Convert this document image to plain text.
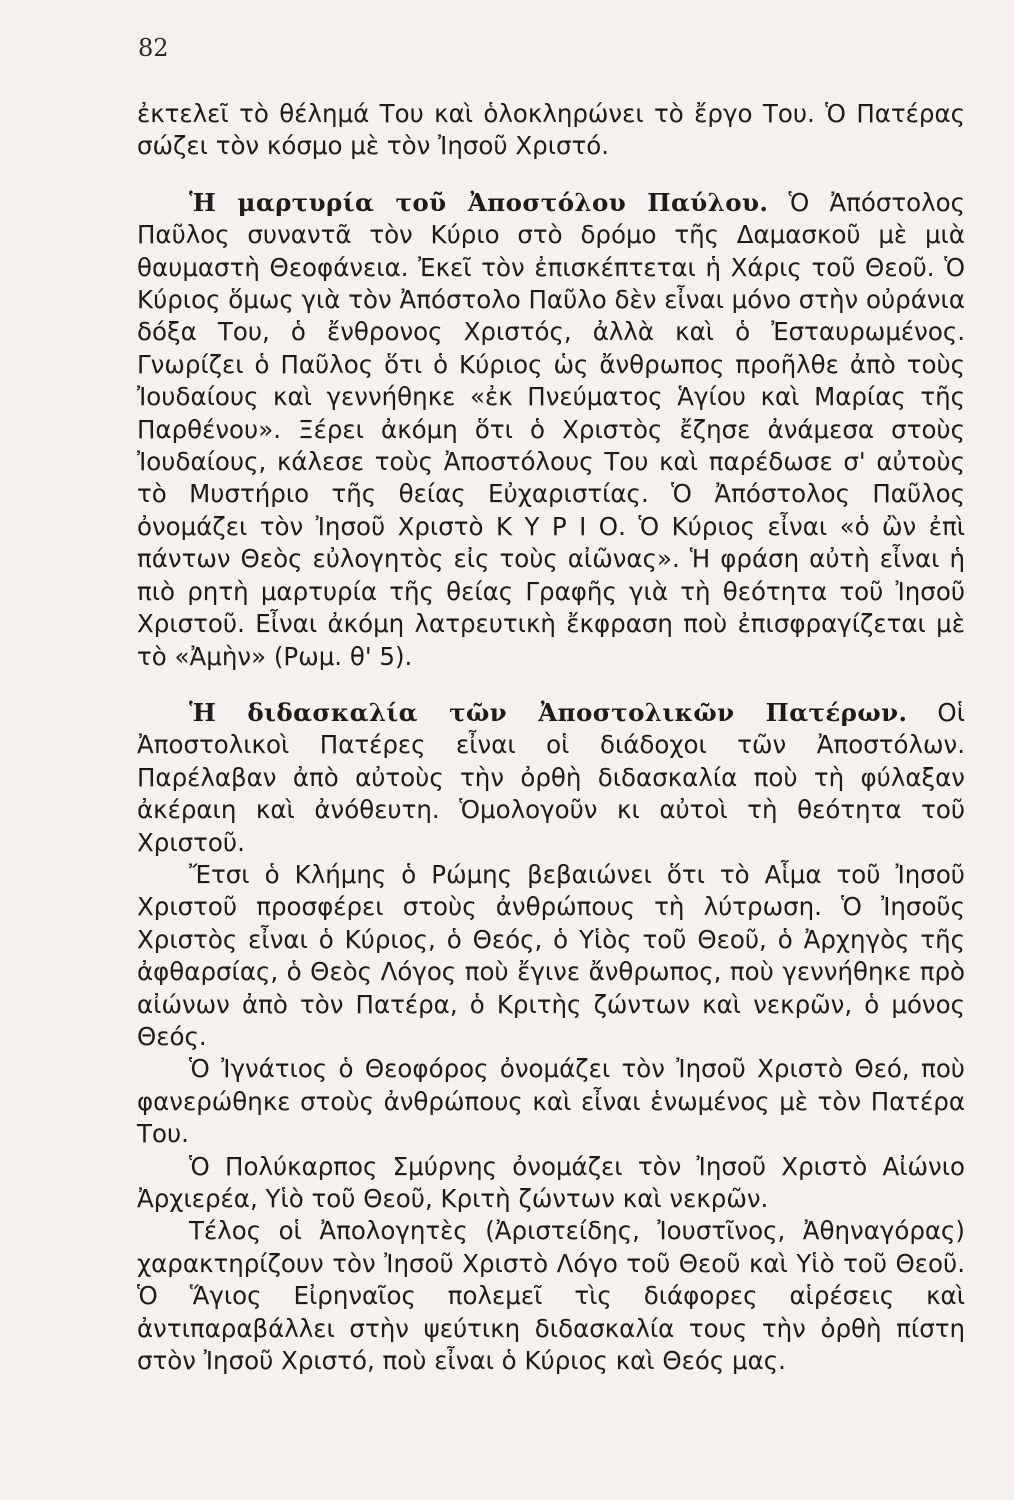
82

ἐκτελεῖ τὸ θέλημά Του καὶ ὁλοκληρώνει τὸ ἔργο Του. Ὁ Πατέρας σώζει τὸν κόσμο μὲ τὸν Ἰησοῦ Χριστό.

Ἡ μαρτυρία τοῦ Ἀποστόλου Παύλου. Ὁ Ἀπόστολος Παῦλος συναντᾶ τὸν Κύριο στὸ δρόμο τῆς Δαμασκοῦ μὲ μιὰ θαυμαστὴ Θεοφάνεια. Ἐκεῖ τὸν ἐπισκέπτεται ἡ Χάρις τοῦ Θεοῦ. Ὁ Κύριος ὅμως γιὰ τὸν Ἀπόστολο Παῦλο δὲν εἶναι μόνο στὴν οὐράνια δόξα Του, ὁ ἔνθρονος Χριστός, ἀλλὰ καὶ ὁ Ἐσταυρωμένος. Γνωρίζει ὁ Παῦλος ὅτι ὁ Κύριος ὡς ἄνθρωπος προῆλθε ἀπὸ τοὺς Ἰουδαίους καὶ γεννήθηκε «ἐκ Πνεύματος Ἁγίου καὶ Μαρίας τῆς Παρθένου». Ξέρει ἀκόμη ὅτι ὁ Χριστὸς ἔζησε ἀνάμεσα στοὺς Ἰουδαίους, κάλεσε τοὺς Ἀποστόλους Του καὶ παρέδωσε σ' αὐτοὺς τὸ Μυστήριο τῆς θείας Εὐχαριστίας. Ὁ Ἀπόστολος Παῦλος ὀνομάζει τὸν Ἰησοῦ Χριστὸ Κ Υ Ρ Ι Ο. Ὁ Κύριος εἶναι «ὁ ὢν ἐπὶ πάντων Θεὸς εὐλογητὸς εἰς τοὺς αἰῶνας». Ἡ φράση αὐτὴ εἶναι ἡ πιὸ ρητὴ μαρτυρία τῆς θείας Γραφῆς γιὰ τὴ θεότητα τοῦ Ἰησοῦ Χριστοῦ. Εἶναι ἀκόμη λατρευτικὴ ἔκφραση ποὺ ἐπισφραγίζεται μὲ τὸ «Ἀμὴν» (Ρωμ. θ' 5).

Ἡ διδασκαλία τῶν Ἀποστολικῶν Πατέρων. Οἱ Ἀποστολικοὶ Πατέρες εἶναι οἱ διάδοχοι τῶν Ἀποστόλων. Παρέλαβαν ἀπὸ αὐτοὺς τὴν ὀρθὴ διδασκαλία ποὺ τὴ φύλαξαν ἀκέραιη καὶ ἀνόθευτη. Ὁμολογοῦν κι αὐτοὶ τὴ θεότητα τοῦ Χριστοῦ.

Ἔτσι ὁ Κλήμης ὁ Ρώμης βεβαιώνει ὅτι τὸ Αἷμα τοῦ Ἰησοῦ Χριστοῦ προσφέρει στοὺς ἀνθρώπους τὴ λύτρωση. Ὁ Ἰησοῦς Χριστὸς εἶναι ὁ Κύριος, ὁ Θεός, ὁ Υἱὸς τοῦ Θεοῦ, ὁ Ἀρχηγὸς τῆς ἀφθαρσίας, ὁ Θεὸς Λόγος ποὺ ἔγινε ἄνθρωπος, ποὺ γεννήθηκε πρὸ αἰώνων ἀπὸ τὸν Πατέρα, ὁ Κριτὴς ζώντων καὶ νεκρῶν, ὁ μόνος Θεός.

Ὁ Ἰγνάτιος ὁ Θεοφόρος ὀνομάζει τὸν Ἰησοῦ Χριστὸ Θεό, ποὺ φανερώθηκε στοὺς ἀνθρώπους καὶ εἶναι ἑνωμένος μὲ τὸν Πατέρα Του.

Ὁ Πολύκαρπος Σμύρνης ὀνομάζει τὸν Ἰησοῦ Χριστὸ Αἰώνιο Ἀρχιερέα, Υἱὸ τοῦ Θεοῦ, Κριτὴ ζώντων καὶ νεκρῶν.

Τέλος οἱ Ἀπολογητὲς (Ἀριστείδης, Ἰουστῖνος, Ἀθηναγόρας) χαρακτηρίζουν τὸν Ἰησοῦ Χριστὸ Λόγο τοῦ Θεοῦ καὶ Υἱὸ τοῦ Θεοῦ. Ὁ Ἅγιος Εἰρηναῖος πολεμεῖ τὶς διάφορες αἱρέσεις καὶ ἀντιπαραβάλλει στὴν ψεύτικη διδασκαλία τους τὴν ὀρθὴ πίστη στὸν Ἰησοῦ Χριστό, ποὺ εἶναι ὁ Κύριος καὶ Θεός μας.
